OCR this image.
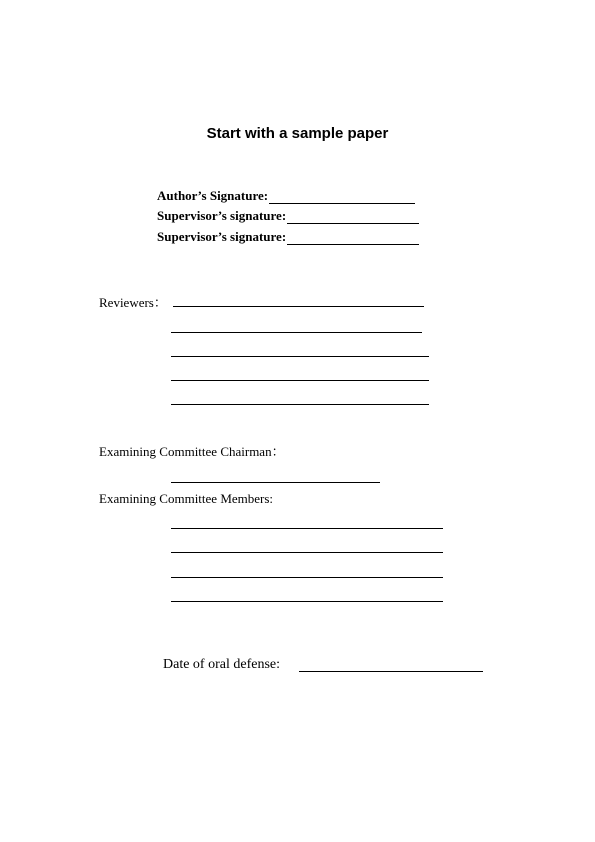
Start with a sample paper
Author’s Signature:
Supervisor’s signature:
Supervisor’s signature:
Reviewers：
Examining Committee Chairman：
Examining Committee Members:
Date of oral defense:
